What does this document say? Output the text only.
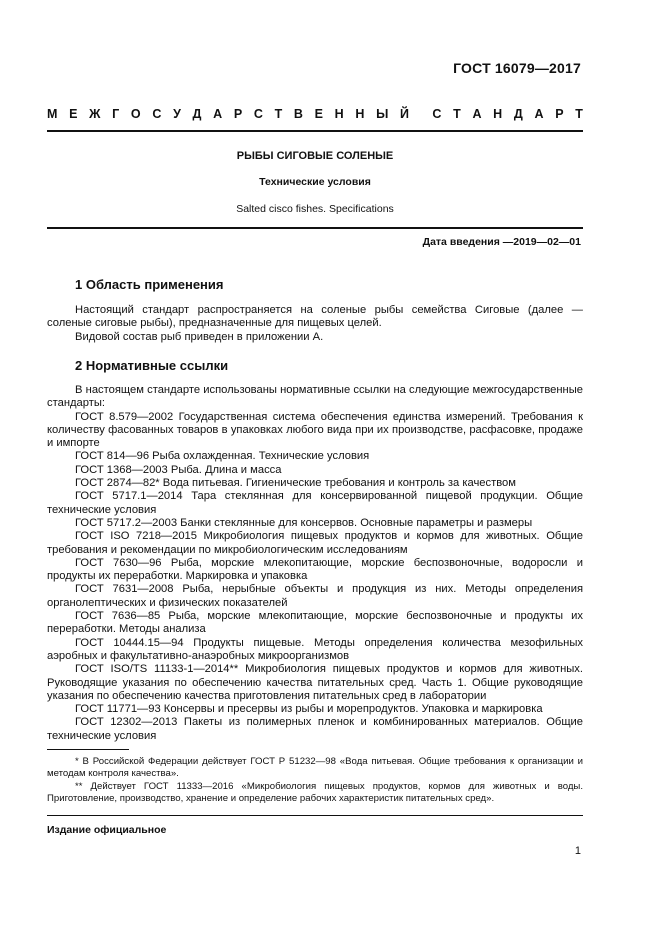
ГОСТ 16079—2017
М Е Ж Г О С У Д А Р С Т В Е Н Н Ы Й С Т А Н Д А Р Т
РЫБЫ СИГОВЫЕ СОЛЕНЫЕ
Технические условия
Salted cisco fishes. Specifications
Дата введения —2019—02—01
1 Область применения

Настоящий стандарт распространяется на соленые рыбы семейства Сиговые (далее — соленые сиговые рыбы), предназначенные для пищевых целей.

Видовой состав рыб приведен в приложении А.

2 Нормативные ссылки

В настоящем стандарте использованы нормативные ссылки на следующие межгосударственные стандарты:

ГОСТ 8.579—2002 Государственная система обеспечения единства измерений. Требования к количеству фасованных товаров в упаковках любого вида при их производстве, расфасовке, продаже и импорте

ГОСТ 814—96 Рыба охлажденная. Технические условия

ГОСТ 1368—2003 Рыба. Длина и масса

ГОСТ 2874—82* Вода питьевая. Гигиенические требования и контроль за качеством

ГОСТ 5717.1—2014 Тара стеклянная для консервированной пищевой продукции. Общие технические условия

ГОСТ 5717.2—2003 Банки стеклянные для консервов. Основные параметры и размеры

ГОСТ ISO 7218—2015 Микробиология пищевых продуктов и кормов для животных. Общие требования и рекомендации по микробиологическим исследованиям

ГОСТ 7630—96 Рыба, морские млекопитающие, морские беспозвоночные, водоросли и продукты их переработки. Маркировка и упаковка

ГОСТ 7631—2008 Рыба, нерыбные объекты и продукция из них. Методы определения органолептических и физических показателей

ГОСТ 7636—85 Рыба, морские млекопитающие, морские беспозвоночные и продукты их переработки. Методы анализа

ГОСТ 10444.15—94 Продукты пищевые. Методы определения количества мезофильных аэробных и факультативно-анаэробных микроорганизмов

ГОСТ ISO/TS 11133-1—2014** Микробиология пищевых продуктов и кормов для животных. Руководящие указания по обеспечению качества питательных сред. Часть 1. Общие руководящие указания по обеспечению качества приготовления питательных сред в лаборатории

ГОСТ 11771—93 Консервы и пресервы из рыбы и морепродуктов. Упаковка и маркировка

ГОСТ 12302—2013 Пакеты из полимерных пленок и комбинированных материалов. Общие технические условия

* В Российской Федерации действует ГОСТ Р 51232—98 «Вода питьевая. Общие требования к организации и методам контроля качества».

** Действует ГОСТ 11333—2016 «Микробиология пищевых продуктов, кормов для животных и воды. Приготовление, производство, хранение и определение рабочих характеристик питательных сред».

Издание официальное
1
